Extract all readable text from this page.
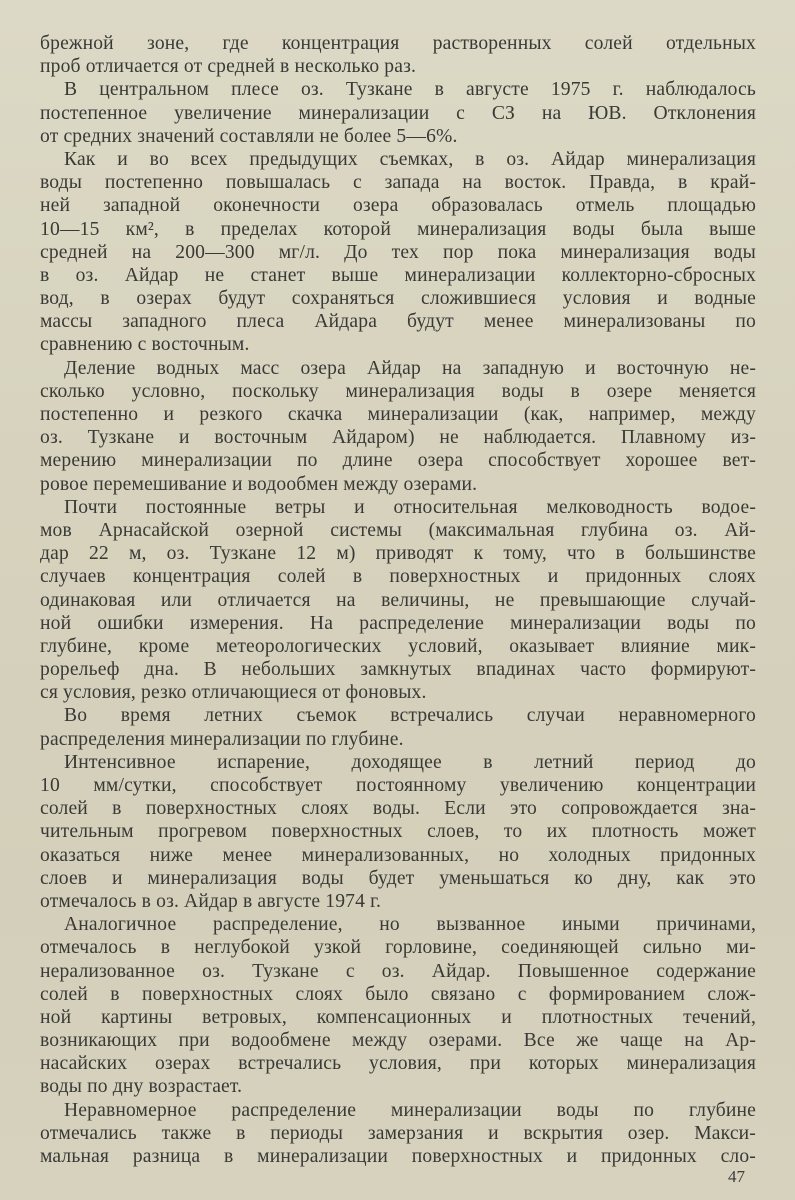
брежной зоне, где концентрация растворенных солей отдельных
проб отличается от средней в несколько раз.
В центральном плесе оз. Тузкане в августе 1975 г. наблюдалось
постепенное увеличение минерализации с СЗ на ЮВ. Отклонения
от средних значений составляли не более 5—6%.
Как и во всех предыдущих съемках, в оз. Айдар минерализация
воды постепенно повышалась с запада на восток. Правда, в край-
ней западной оконечности озера образовалась отмель площадью
10—15 км², в пределах которой минерализация воды была выше
средней на 200—300 мг/л. До тех пор пока минерализация воды
в оз. Айдар не станет выше минерализации коллекторно-сбросных
вод, в озерах будут сохраняться сложившиеся условия и водные
массы западного плеса Айдара будут менее минерализованы по
сравнению с восточным.
Деление водных масс озера Айдар на западную и восточную не-
сколько условно, поскольку минерализация воды в озере меняется
постепенно и резкого скачка минерализации (как, например, между
оз. Тузкане и восточным Айдаром) не наблюдается. Плавному из-
мерению минерализации по длине озера способствует хорошее вет-
ровое перемешивание и водообмен между озерами.
Почти постоянные ветры и относительная мелководность водое-
мов Арнасайской озерной системы (максимальная глубина оз. Ай-
дар 22 м, оз. Тузкане 12 м) приводят к тому, что в большинстве
случаев концентрация солей в поверхностных и придонных слоях
одинаковая или отличается на величины, не превышающие случай-
ной ошибки измерения. На распределение минерализации воды по
глубине, кроме метеорологических условий, оказывает влияние мик-
рорельеф дна. В небольших замкнутых впадинах часто формируют-
ся условия, резко отличающиеся от фоновых.
Во время летних съемок встречались случаи неравномерного
распределения минерализации по глубине.
Интенсивное испарение, доходящее в летний период до
10 мм/сутки, способствует постоянному увеличению концентрации
солей в поверхностных слоях воды. Если это сопровождается зна-
чительным прогревом поверхностных слоев, то их плотность может
оказаться ниже менее минерализованных, но холодных придонных
слоев и минерализация воды будет уменьшаться ко дну, как это
отмечалось в оз. Айдар в августе 1974 г.
Аналогичное распределение, но вызванное иными причинами,
отмечалось в неглубокой узкой горловине, соединяющей сильно ми-
нерализованное оз. Тузкане с оз. Айдар. Повышенное содержание
солей в поверхностных слоях было связано с формированием слож-
ной картины ветровых, компенсационных и плотностных течений,
возникающих при водообмене между озерами. Все же чаще на Ар-
насайских озерах встречались условия, при которых минерализация
воды по дну возрастает.
Неравномерное распределение минерализации воды по глубине
отмечались также в периоды замерзания и вскрытия озер. Макси-
мальная разница в минерализации поверхностных и придонных сло-
47
